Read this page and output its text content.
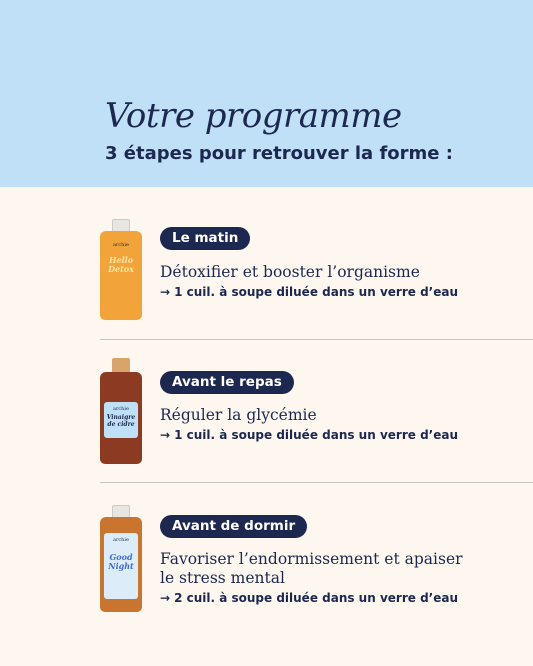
Votre programme
3 étapes pour retrouver la forme :
archie
Hello Detox
Le matin
Détoxifier et booster l’organisme
→ 1 cuil. à soupe diluée dans un verre d’eau
archie
Vinaigre de cidre
Avant le repas
Réguler la glycémie
→ 1 cuil. à soupe diluée dans un verre d’eau
archie
Good Night
Avant de dormir
Favoriser l’endormissement et apaiser le stress mental
→ 2 cuil. à soupe diluée dans un verre d’eau
